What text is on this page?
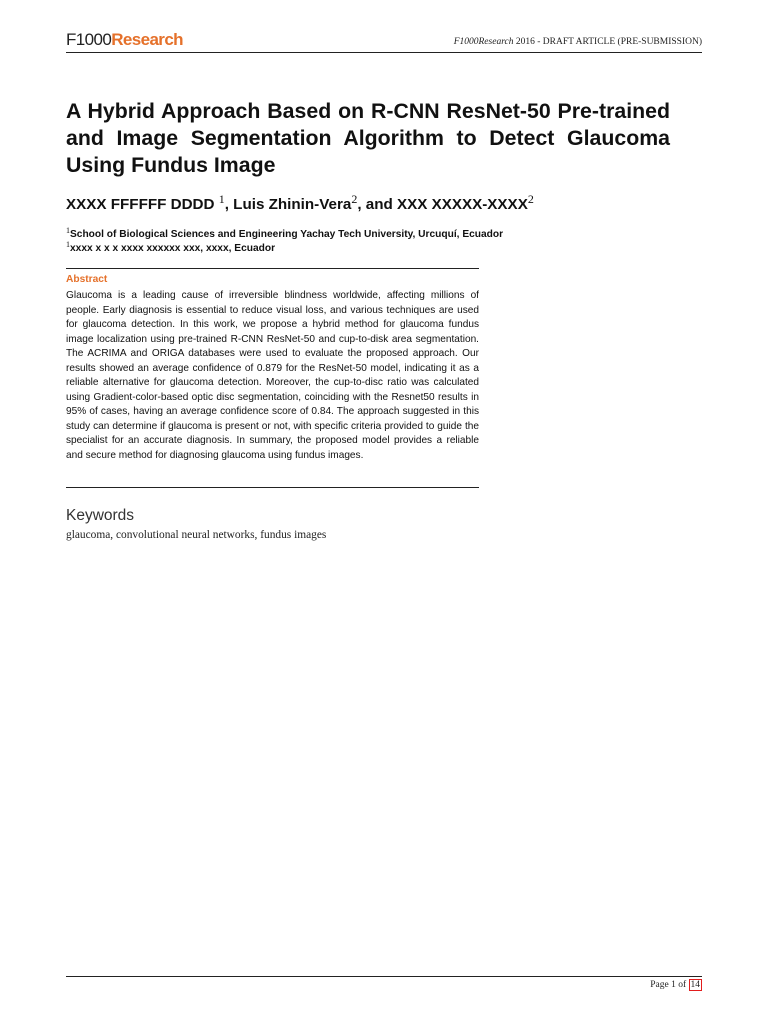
F1000Research	F1000Research 2016 - DRAFT ARTICLE (PRE-SUBMISSION)
A Hybrid Approach Based on R-CNN ResNet-50 Pre-trained and Image Segmentation Algorithm to Detect Glaucoma Using Fundus Image
XXXX FFFFFF DDDD $^1$, Luis Zhinin-Vera$^2$, and XXX XXXXX-XXXX$^2$
$^1$School of Biological Sciences and Engineering Yachay Tech University, Urcuquí, Ecuador
$^1$xxxx x x x xxxx xxxxxx xxx, xxxx, Ecuador
Abstract

Glaucoma is a leading cause of irreversible blindness worldwide, affecting millions of people. Early diagnosis is essential to reduce visual loss, and various techniques are used for glaucoma detection. In this work, we propose a hybrid method for glaucoma fundus image localization using pre-trained R-CNN ResNet-50 and cup-to-disk area segmentation. The ACRIMA and ORIGA databases were used to evaluate the proposed approach. Our results showed an average confidence of 0.879 for the ResNet-50 model, indicating it as a reliable alternative for glaucoma detection. Moreover, the cup-to-disc ratio was calculated using Gradient-color-based optic disc segmentation, coinciding with the Resnet50 results in 95% of cases, having an average confidence score of 0.84. The approach suggested in this study can determine if glaucoma is present or not, with specific criteria provided to guide the specialist for an accurate diagnosis. In summary, the proposed model provides a reliable and secure method for diagnosing glaucoma using fundus images.

Keywords
glaucoma, convolutional neural networks, fundus images
Page 1 of 14
